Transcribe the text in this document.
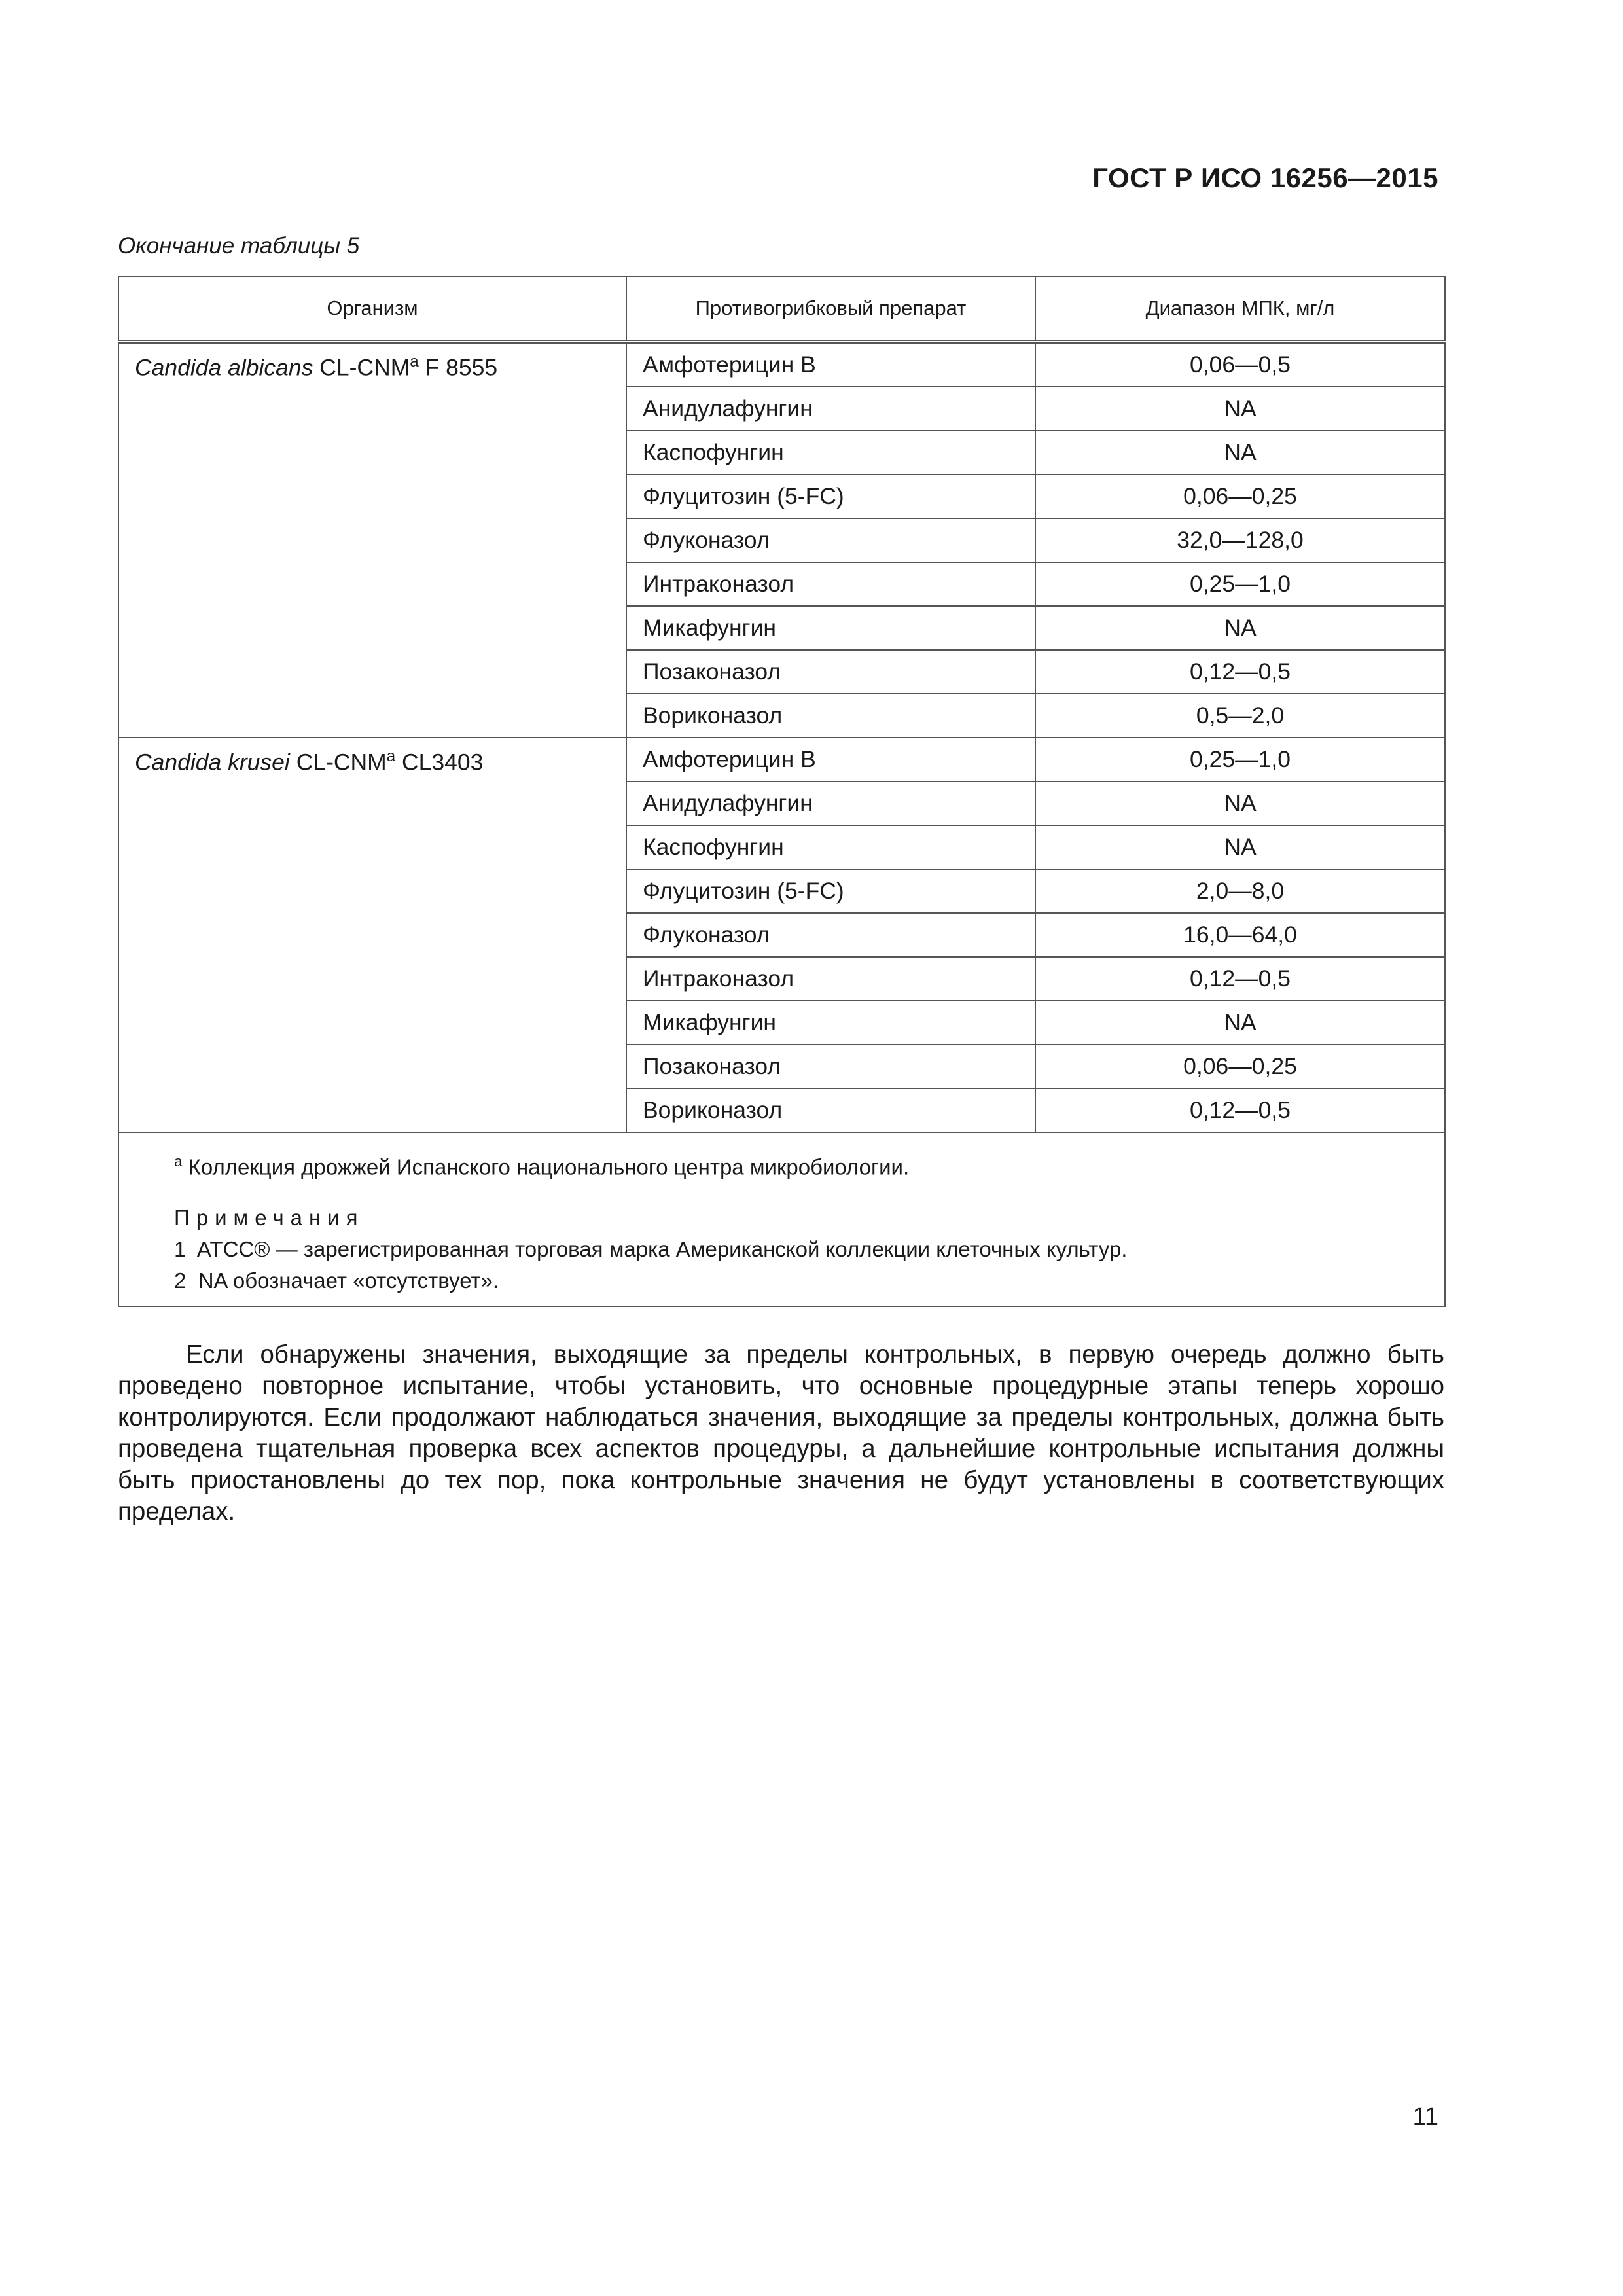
ГОСТ Р ИСО 16256—2015
Окончание таблицы 5
Организм	Противогрибковый препарат	Диапазон МПК, мг/л
Candida albicans CL-CNM$^a$ F 8555	Амфотерицин В	0,06—0,5
	Анидулафунгин	NA
	Каспофунгин	NA
	Флуцитозин (5-FC)	0,06—0,25
	Флуконазол	32,0—128,0
	Интраконазол	0,25—1,0
	Микафунгин	NA
	Позаконазол	0,12—0,5
	Вориконазол	0,5—2,0
Candida krusei CL-CNM$^a$ CL3403	Амфотерицин В	0,25—1,0
	Анидулафунгин	NA
	Каспофунгин	NA
	Флуцитозин (5-FC)	2,0—8,0
	Флуконазол	16,0—64,0
	Интраконазол	0,12—0,5
	Микафунгин	NA
	Позаконазол	0,06—0,25
	Вориконазол	0,12—0,5

$^a$ Коллекция дрожжей Испанского национального центра микробиологии.
Примечания
1  ATCC® — зарегистрированная торговая марка Американской коллекции клеточных культур.
2  NA обозначает «отсутствует».		

Если обнаружены значения, выходящие за пределы контрольных, в первую очередь должно быть проведено повторное испытание, чтобы установить, что основные процедурные этапы теперь хорошо контролируются. Если продолжают наблюдаться значения, выходящие за пределы контрольных, должна быть проведена тщательная проверка всех аспектов процедуры, а дальнейшие контрольные испытания должны быть приостановлены до тех пор, пока контрольные значения не будут установлены в соответствующих пределах.

11
